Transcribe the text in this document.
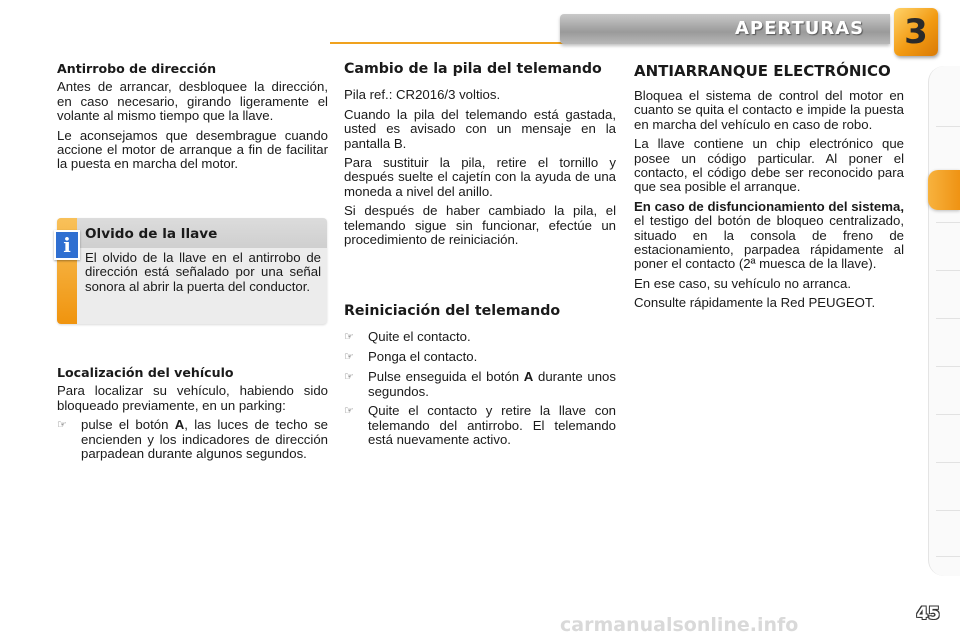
APERTURAS	3
Antirrobo de dirección

Antes de arrancar, desbloquee la dirección, en caso necesario, girando ligeramente el volante al mismo tiempo que la llave.

Le aconsejamos que desembrague cuando accione el motor de arranque a fin de facilitar la puesta en marcha del motor.

i	Olvido de la llave

El olvido de la llave en el antirrobo de dirección está señalado por una señal sonora al abrir la puerta del conductor.

Localización del vehículo

Para localizar su vehículo, habiendo sido bloqueado previamente, en un parking:

☞	pulse el botón A, las luces de techo se encienden y los indicadores de dirección parpadean durante algunos segundos.
Cambio de la pila del telemando

Pila ref.: CR2016/3 voltios.

Cuando la pila del telemando está gastada, usted es avisado con un mensaje en la pantalla B.

Para sustituir la pila, retire el tornillo y después suelte el cajetín con la ayuda de una moneda a nivel del anillo.

Si después de haber cambiado la pila, el telemando sigue sin funcionar, efectúe un procedimiento de reiniciación.

Reiniciación del telemando
☞	Quite el contacto.
☞	Ponga el contacto.
☞	Pulse enseguida el botón A durante unos segundos.
☞	Quite el contacto y retire la llave con telemando del antirrobo. El telemando está nuevamente activo.
ANTIARRANQUE ELECTRÓNICO

Bloquea el sistema de control del motor en cuanto se quita el contacto e impide la puesta en marcha del vehículo en caso de robo.

La llave contiene un chip electrónico que posee un código particular. Al poner el contacto, el código debe ser reconocido para que sea posible el arranque.

En caso de disfuncionamiento del sistema, el testigo del botón de bloqueo centralizado, situado en la consola de freno de estacionamiento, parpadea rápidamente al poner el contacto (2ª muesca de la llave).

En ese caso, su vehículo no arranca.

Consulte rápidamente la Red PEUGEOT.

carmanualsonline.info	45
